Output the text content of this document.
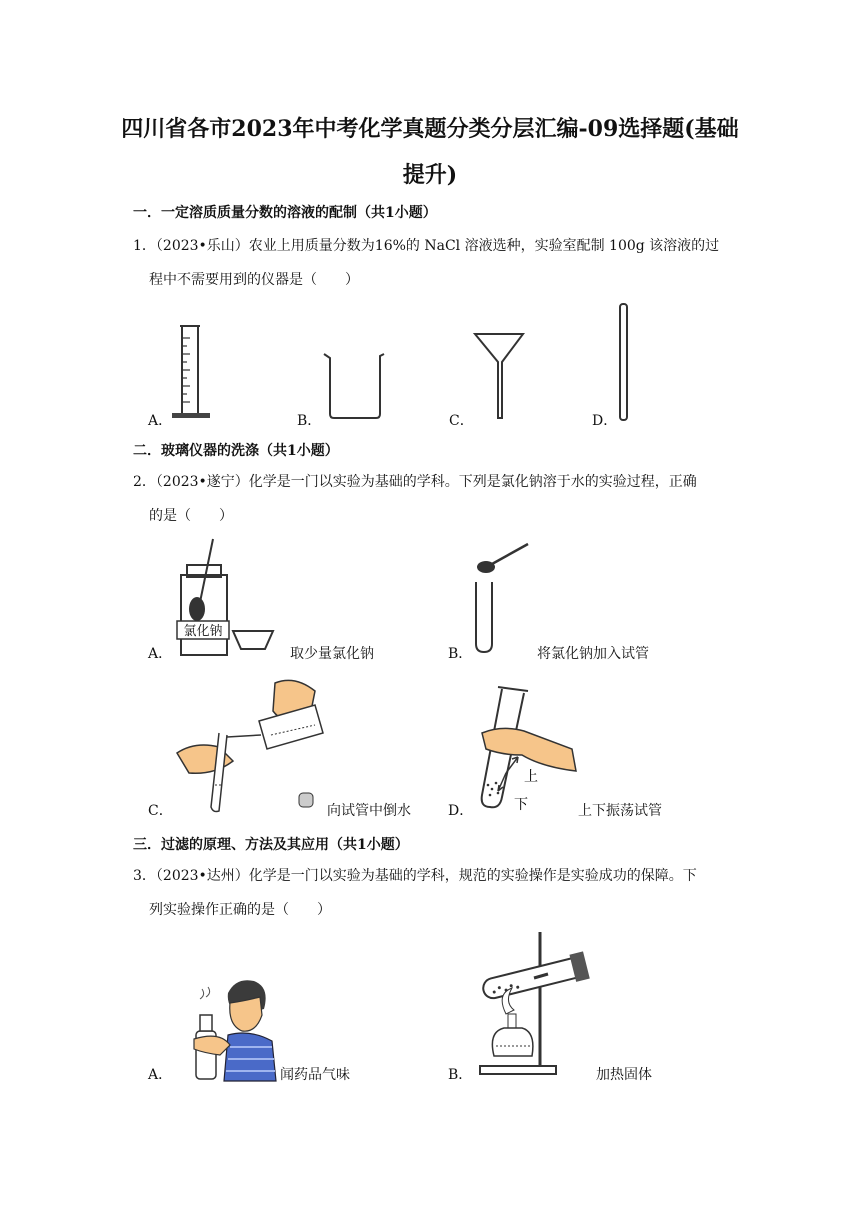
四川省各市2023年中考化学真题分类分层汇编-09选择题(基础
提升)
一．一定溶质质量分数的溶液的配制（共1小题）
1．（2023•乐山）农业上用质量分数为16%的 NaCl 溶液选种，实验室配制 100g 该溶液的过
程中不需要用到的仪器是（　　）
A．	B．	C．	D．
二．玻璃仪器的洗涤（共1小题）
2．（2023•遂宁）化学是一门以实验为基础的学科。下列是氯化钠溶于水的实验过程，正确
的是（　　）
A．
氯化钠
取少量氯化钠	B．	将氯化钠加入试管
C．	向试管中倒水	D．
上
下	上下振荡试管
三．过滤的原理、方法及其应用（共1小题）
3．（2023•达州）化学是一门以实验为基础的学科，规范的实验操作是实验成功的保障。下
列实验操作正确的是（　　）
A．	闻药品气味	B．	加热固体
